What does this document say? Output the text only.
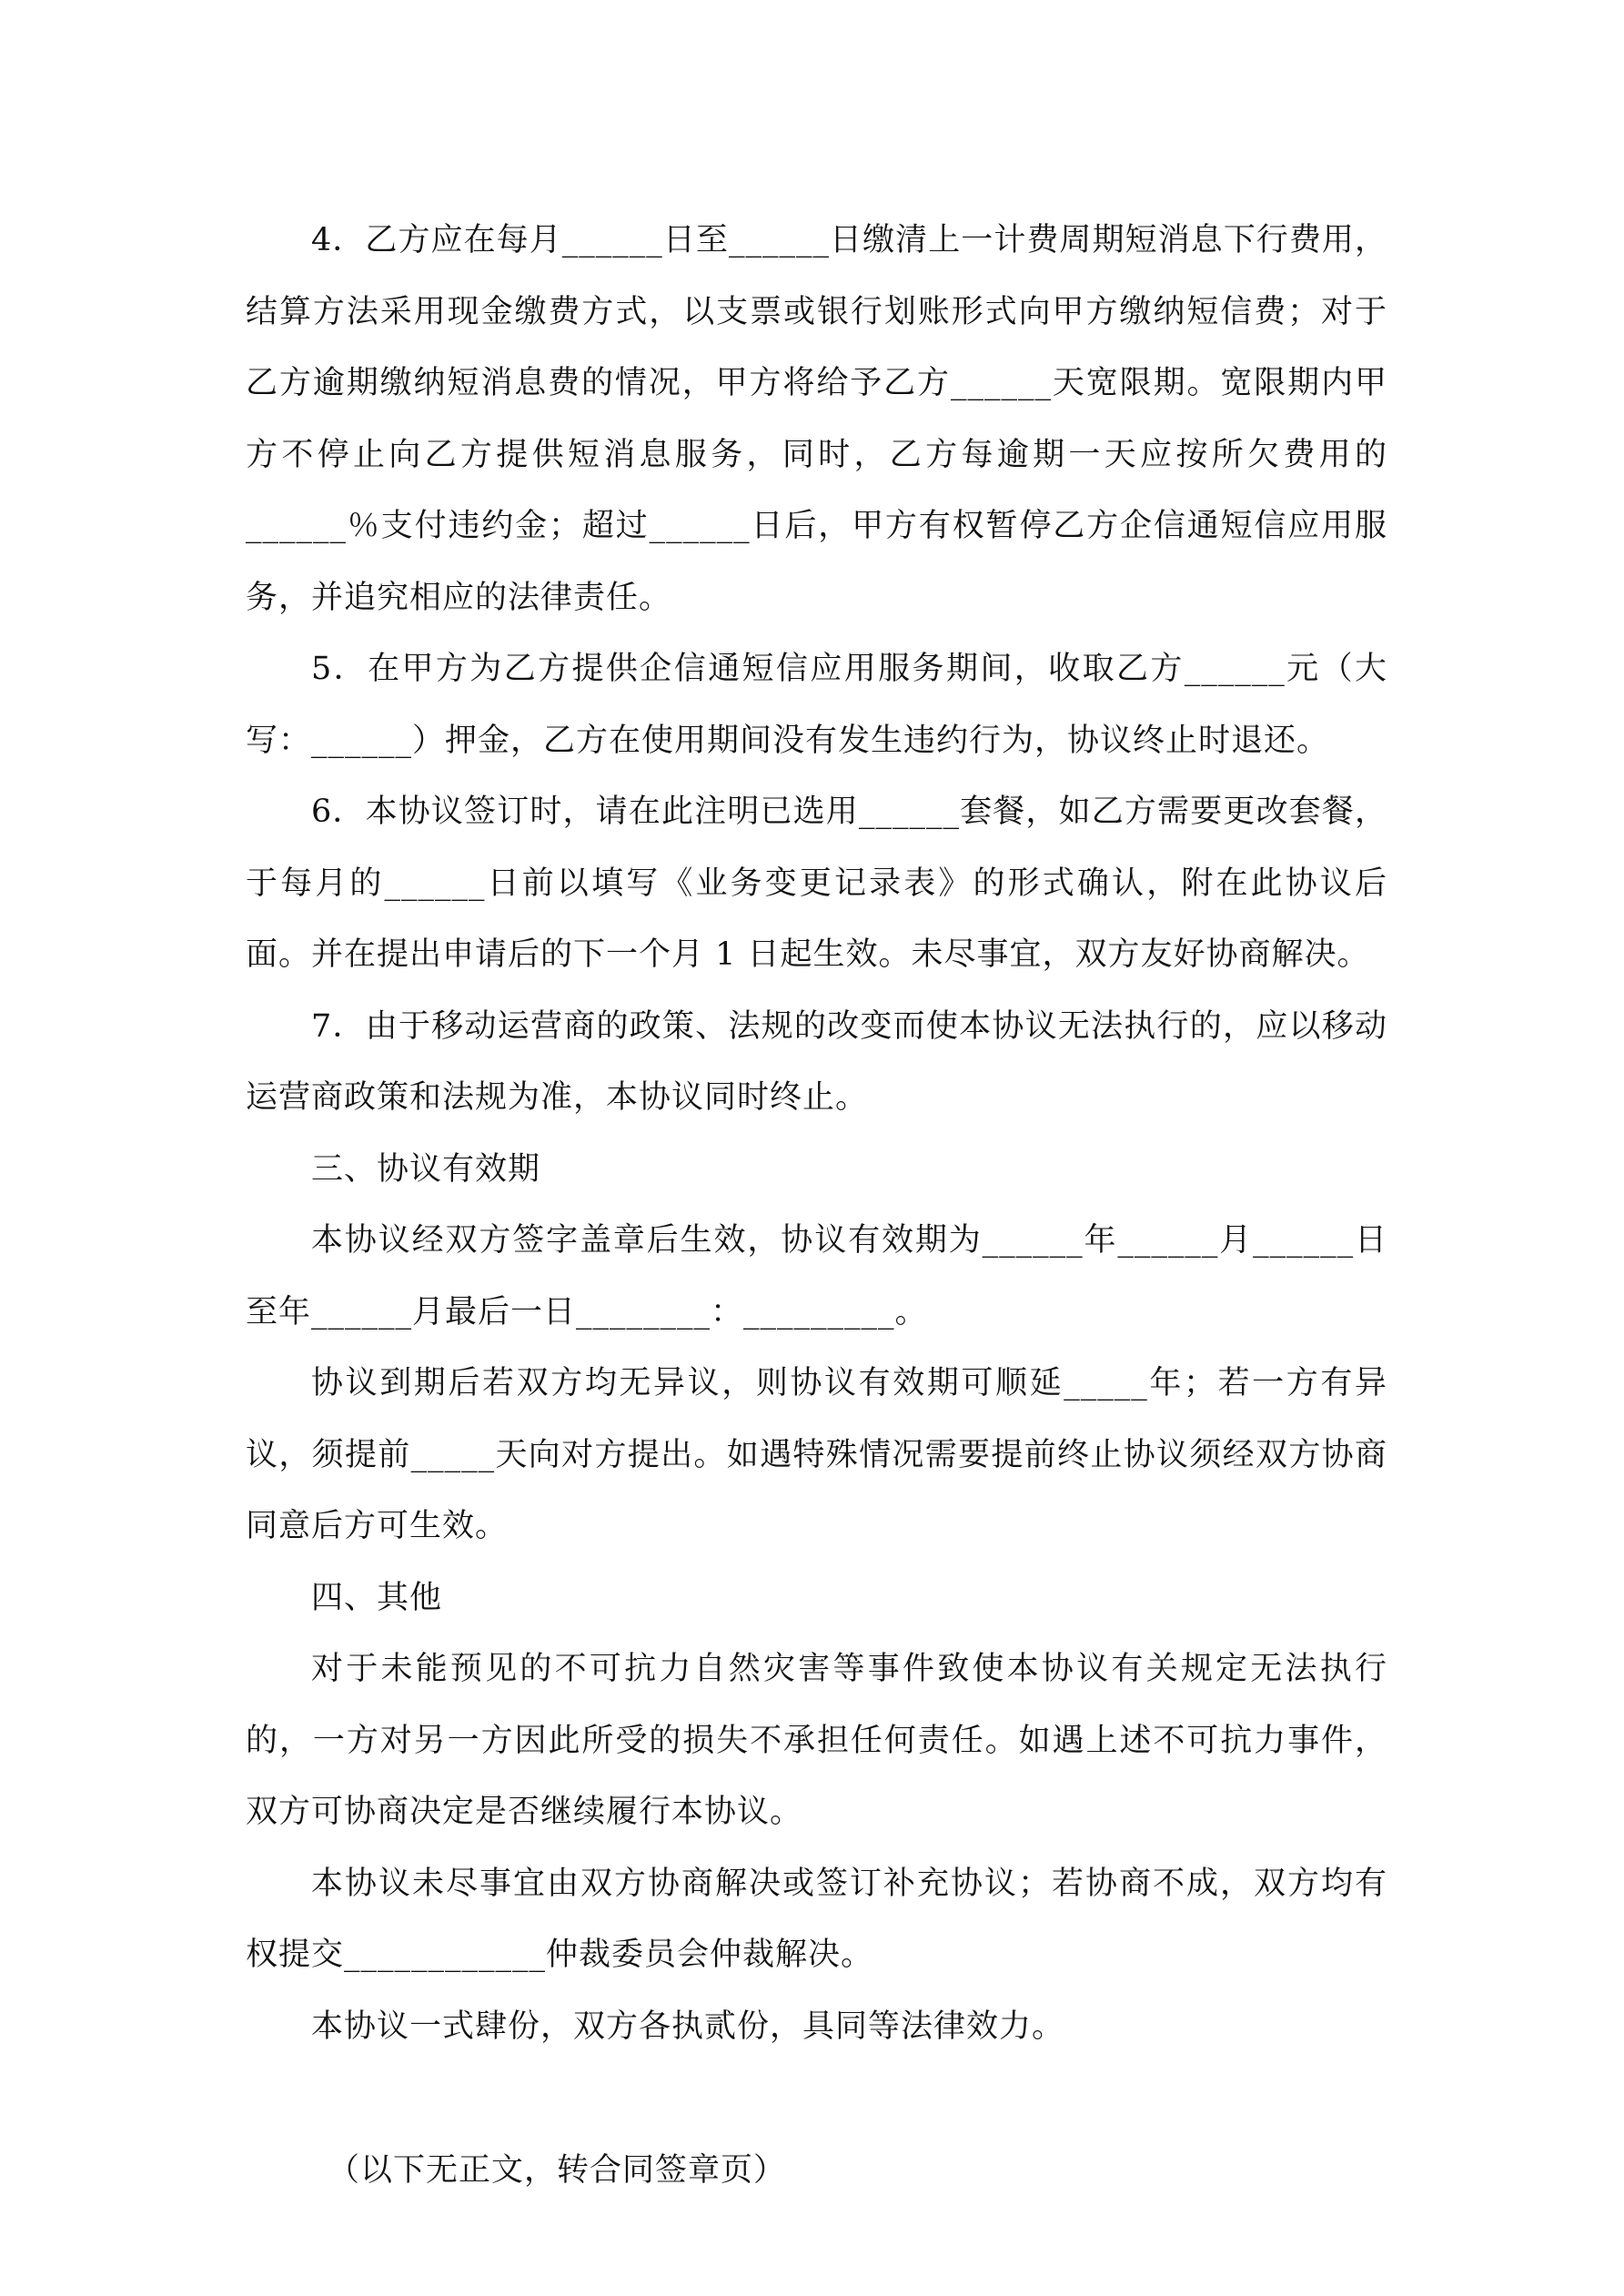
4．乙方应在每月______日至______日缴清上一计费周期短消息下行费用，结算方法采用现金缴费方式，以支票或银行划账形式向甲方缴纳短信费；对于乙方逾期缴纳短消息费的情况，甲方将给予乙方______天宽限期。宽限期内甲方不停止向乙方提供短消息服务，同时，乙方每逾期一天应按所欠费用的______％支付违约金；超过______日后，甲方有权暂停乙方企信通短信应用服务，并追究相应的法律责任。

5．在甲方为乙方提供企信通短信应用服务期间，收取乙方______元（大写：______）押金，乙方在使用期间没有发生违约行为，协议终止时退还。

6．本协议签订时，请在此注明已选用______套餐，如乙方需要更改套餐，于每月的______日前以填写《业务变更记录表》的形式确认，附在此协议后面。并在提出申请后的下一个月 1 日起生效。未尽事宜，双方友好协商解决。

7．由于移动运营商的政策、法规的改变而使本协议无法执行的，应以移动运营商政策和法规为准，本协议同时终止。

三、协议有效期

本协议经双方签字盖章后生效，协议有效期为______年______月______日至年______月最后一日________：_________。

协议到期后若双方均无异议，则协议有效期可顺延_____年；若一方有异议，须提前_____天向对方提出。如遇特殊情况需要提前终止协议须经双方协商同意后方可生效。

四、其他

对于未能预见的不可抗力自然灾害等事件致使本协议有关规定无法执行的，一方对另一方因此所受的损失不承担任何责任。如遇上述不可抗力事件，双方可协商决定是否继续履行本协议。

本协议未尽事宜由双方协商解决或签订补充协议；若协商不成，双方均有权提交____________仲裁委员会仲裁解决。

本协议一式肆份，双方各执贰份，具同等法律效力。

（以下无正文，转合同签章页）
